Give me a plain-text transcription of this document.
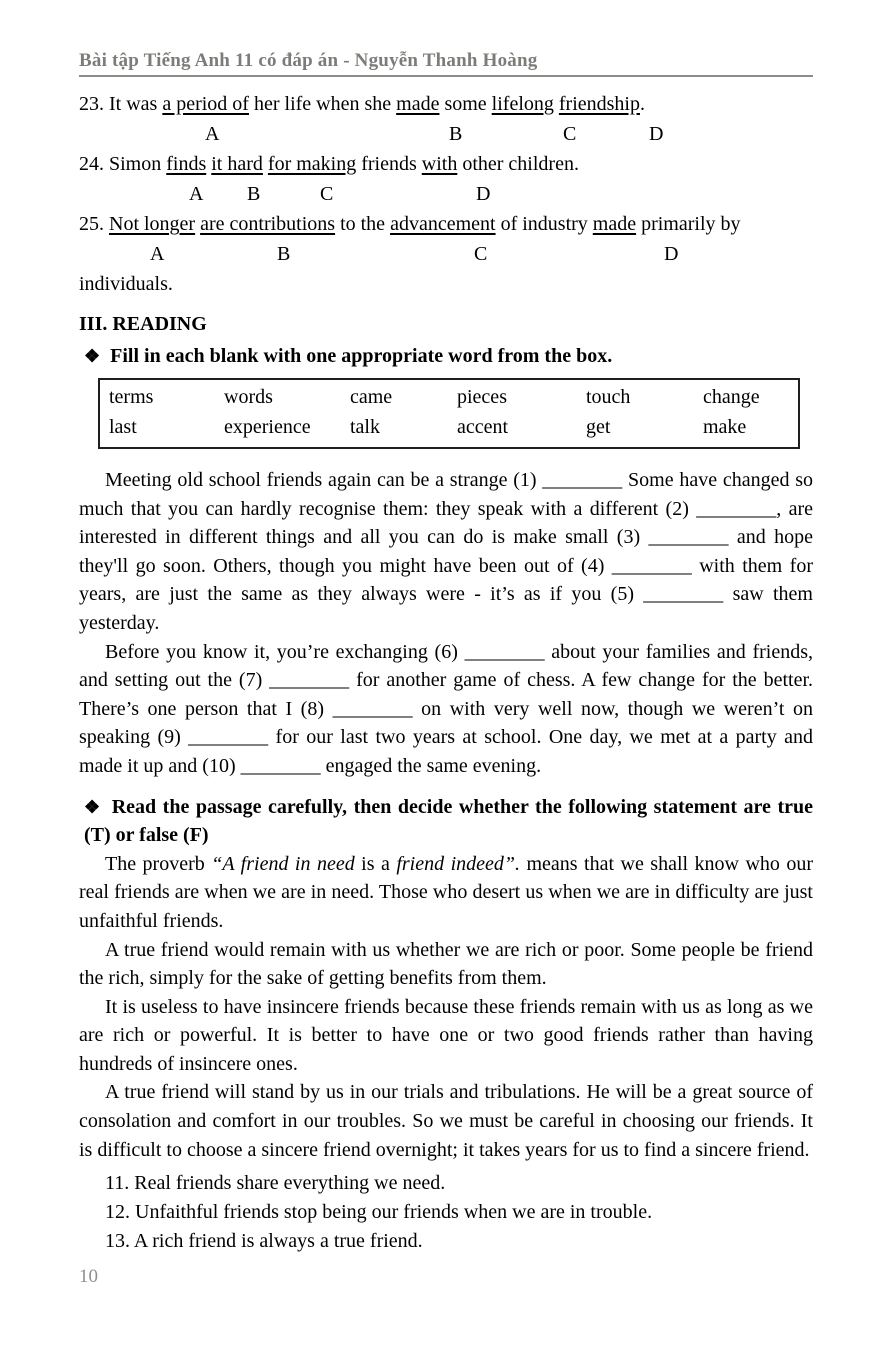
Bài tập Tiếng Anh 11 có đáp án - Nguyễn Thanh Hoàng
23. It was a period of her life when she made some lifelong friendship.
A	B	C	D
24. Simon finds it hard for making friends with other children.
A B	C	D
25. Not longer are contributions to the advancement of industry made primarily by
A	B	C	D
individuals.
III. READING
❖ Fill in each blank with one appropriate word from the box.
terms	words	came	pieces	touch	change
last	experience	talk	accent	get	make

Meeting old school friends again can be a strange (1) ________ Some have changed so much that you can hardly recognise them: they speak with a different (2) ________, are interested in different things and all you can do is make small (3) ________ and hope they'll go soon. Others, though you might have been out of (4) ________ with them for years, are just the same as they always were - it’s as if you (5) ________ saw them yesterday.

Before you know it, you’re exchanging (6) ________ about your families and friends, and setting out the (7) ________ for another game of chess. A few change for the better. There’s one person that I (8) ________ on with very well now, though we weren’t on speaking (9) ________ for our last two years at school. One day, we met at a party and made it up and (10) ________ engaged the same evening.

❖ Read the passage carefully, then decide whether the following statement are true (T) or false (F)

The proverb “A friend in need is a friend indeed”. means that we shall know who our real friends are when we are in need. Those who desert us when we are in difficulty are just unfaithful friends.

A true friend would remain with us whether we are rich or poor. Some people be friend the rich, simply for the sake of getting benefits from them.

It is useless to have insincere friends because these friends remain with us as long as we are rich or powerful. It is better to have one or two good friends rather than having hundreds of insincere ones.

A true friend will stand by us in our trials and tribulations. He will be a great source of consolation and comfort in our troubles. So we must be careful in choosing our friends. It is difficult to choose a sincere friend overnight; it takes years for us to find a sincere friend.

11. Real friends share everything we need.
12. Unfaithful friends stop being our friends when we are in trouble.
13. A rich friend is always a true friend.
10
